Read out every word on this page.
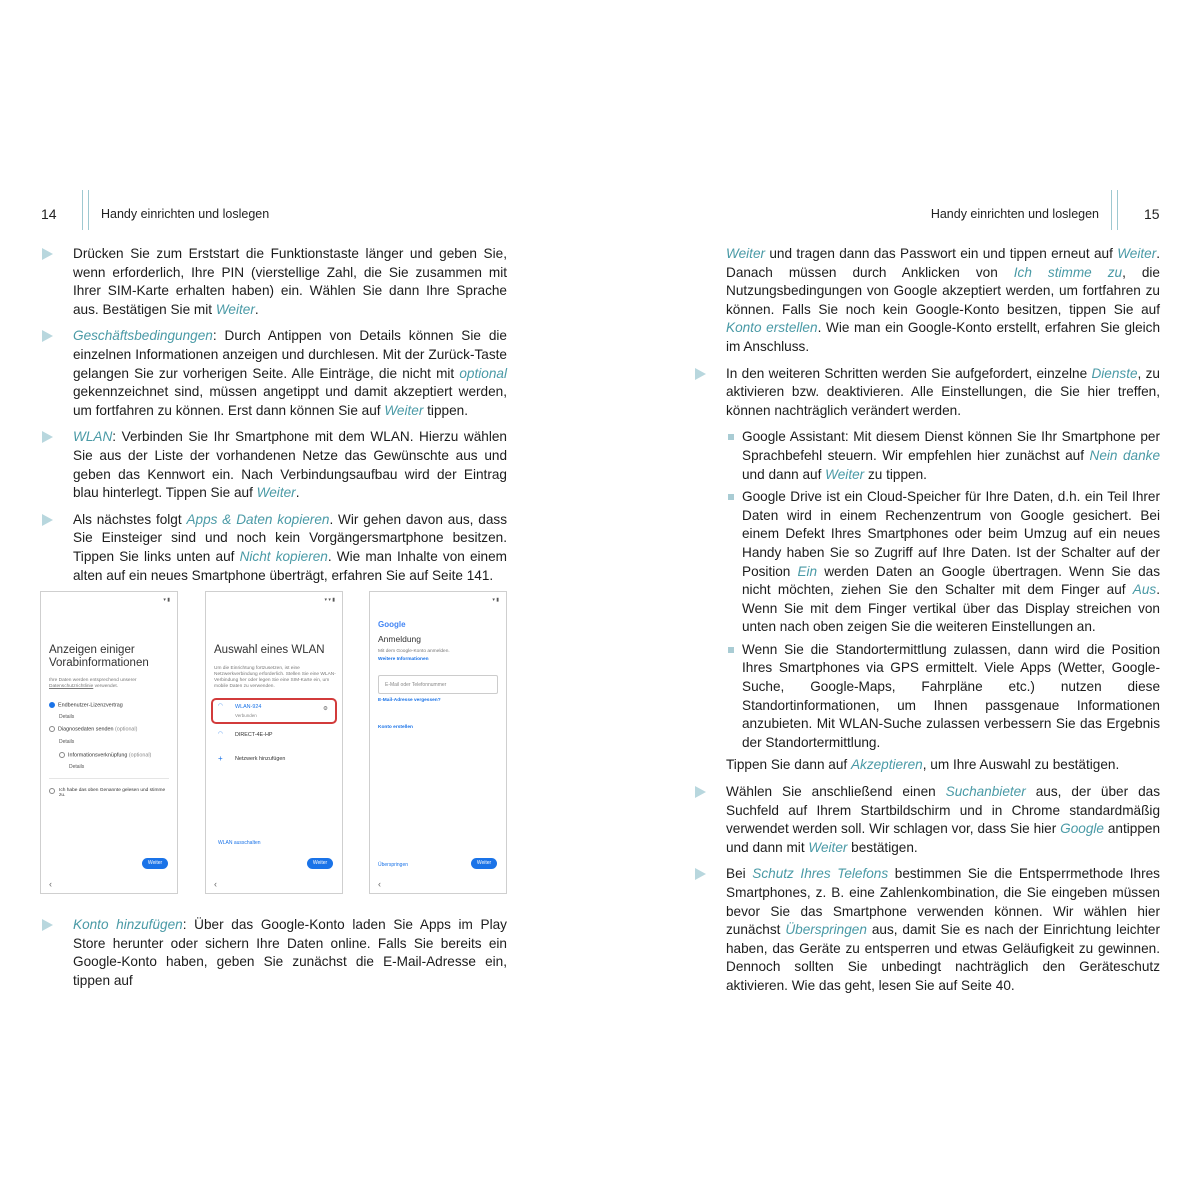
14	Handy einrichten und loslegen

Drücken Sie zum Erststart die Funktionstaste länger und geben Sie, wenn erforderlich, Ihre PIN (vierstellige Zahl, die Sie zusammen mit Ihrer SIM-Karte erhalten haben) ein. Wählen Sie dann Ihre Sprache aus. Bestätigen Sie mit Weiter.

Geschäftsbedingungen: Durch Antippen von Details können Sie die einzelnen Informationen anzeigen und durchlesen. Mit der Zurück-Taste gelangen Sie zur vorherigen Seite. Alle Einträge, die nicht mit optional gekennzeichnet sind, müssen angetippt und damit akzeptiert werden, um fortfahren zu können. Erst dann können Sie auf Weiter tippen.

WLAN: Verbinden Sie Ihr Smartphone mit dem WLAN. Hierzu wählen Sie aus der Liste der vorhandenen Netze das Gewünschte aus und geben das Kennwort ein. Nach Verbindungsaufbau wird der Eintrag blau hinterlegt. Tippen Sie auf Weiter.

Als nächstes folgt Apps & Daten kopieren. Wir gehen davon aus, dass Sie Einsteiger sind und noch kein Vorgängersmartphone besitzen. Tippen Sie links unten auf Nicht kopieren. Wie man Inhalte von einem alten auf ein neues Smartphone überträgt, erfahren Sie auf Seite 141.

▾ ▮
Anzeigen einiger Vorabinformationen
Ihre Daten werden entsprechend unserer
Datenschutzrichtlinie verwendet.
Endbenutzer-Lizenzvertrag
Details
Diagnosedaten senden (optional)
Details
Informationsverknüpfung (optional)
Details
Ich habe das oben Genannte gelesen und stimme zu.
Weiter
‹
▾ ▾ ▮
Auswahl eines WLAN
Um die Einrichtung fortzusetzen, ist eine Netzwerkverbindung erforderlich. Stellen Sie eine WLAN-Verbindung her oder legen Sie eine SIM-Karte ein, um mobile Daten zu verwenden.
◠ WLAN-924
Verbunden
⚙
◠ DIRECT-4E-HP
+ Netzwerk hinzufügen
WLAN ausschalten
Weiter
‹
▾ ▮
Google
Anmeldung
Mit dem Google-Konto anmelden.
Weitere Informationen
E-Mail oder Telefonnummer
E-Mail-Adresse vergessen?
Konto erstellen
Überspringen	Weiter
‹

Konto hinzufügen: Über das Google-Konto laden Sie Apps im Play Store herunter oder sichern Ihre Daten online. Falls Sie bereits ein Google-Konto haben, geben Sie zunächst die E-Mail-Adresse ein, tippen auf

Handy einrichten und loslegen	15

Weiter und tragen dann das Passwort ein und tippen erneut auf Weiter. Danach müssen durch Anklicken von Ich stimme zu, die Nutzungsbedingungen von Google akzeptiert werden, um fortfahren zu können. Falls Sie noch kein Google-Konto besitzen, tippen Sie auf Konto erstellen. Wie man ein Google-Konto erstellt, erfahren Sie gleich im Anschluss.

In den weiteren Schritten werden Sie aufgefordert, einzelne Dienste, zu aktivieren bzw. deaktivieren. Alle Einstellungen, die Sie hier treffen, können nachträglich verändert werden.

Google Assistant: Mit diesem Dienst können Sie Ihr Smartphone per Sprachbefehl steuern. Wir empfehlen hier zunächst auf Nein danke und dann auf Weiter zu tippen.

Google Drive ist ein Cloud-Speicher für Ihre Daten, d.h. ein Teil Ihrer Daten wird in einem Rechenzentrum von Google gesichert. Bei einem Defekt Ihres Smartphones oder beim Umzug auf ein neues Handy haben Sie so Zugriff auf Ihre Daten. Ist der Schalter auf der Position Ein werden Daten an Google übertragen. Wenn Sie das nicht möchten, ziehen Sie den Schalter mit dem Finger auf Aus. Wenn Sie mit dem Finger vertikal über das Display streichen von unten nach oben zeigen Sie die weiteren Einstellungen an.

Wenn Sie die Standortermittlung zulassen, dann wird die Position Ihres Smartphones via GPS ermittelt. Viele Apps (Wetter, Google-Suche, Google-Maps, Fahrpläne etc.) nutzen diese Standortinformationen, um Ihnen passgenaue Informationen anzubieten. Mit WLAN-Suche zulassen verbessern Sie das Ergebnis der Standortermittlung.

Tippen Sie dann auf Akzeptieren, um Ihre Auswahl zu bestätigen.

Wählen Sie anschließend einen Suchanbieter aus, der über das Suchfeld auf Ihrem Startbildschirm und in Chrome standardmäßig verwendet werden soll. Wir schlagen vor, dass Sie hier Google antippen und dann mit Weiter bestätigen.

Bei Schutz Ihres Telefons bestimmen Sie die Entsperrmethode Ihres Smartphones, z. B. eine Zahlenkombination, die Sie eingeben müssen bevor Sie das Smartphone verwenden können. Wir wählen hier zunächst Überspringen aus, damit Sie es nach der Einrichtung leichter haben, das Geräte zu entsperren und etwas Geläufigkeit zu gewinnen. Dennoch sollten Sie unbedingt nachträglich den Geräteschutz aktivieren. Wie das geht, lesen Sie auf Seite 40.
